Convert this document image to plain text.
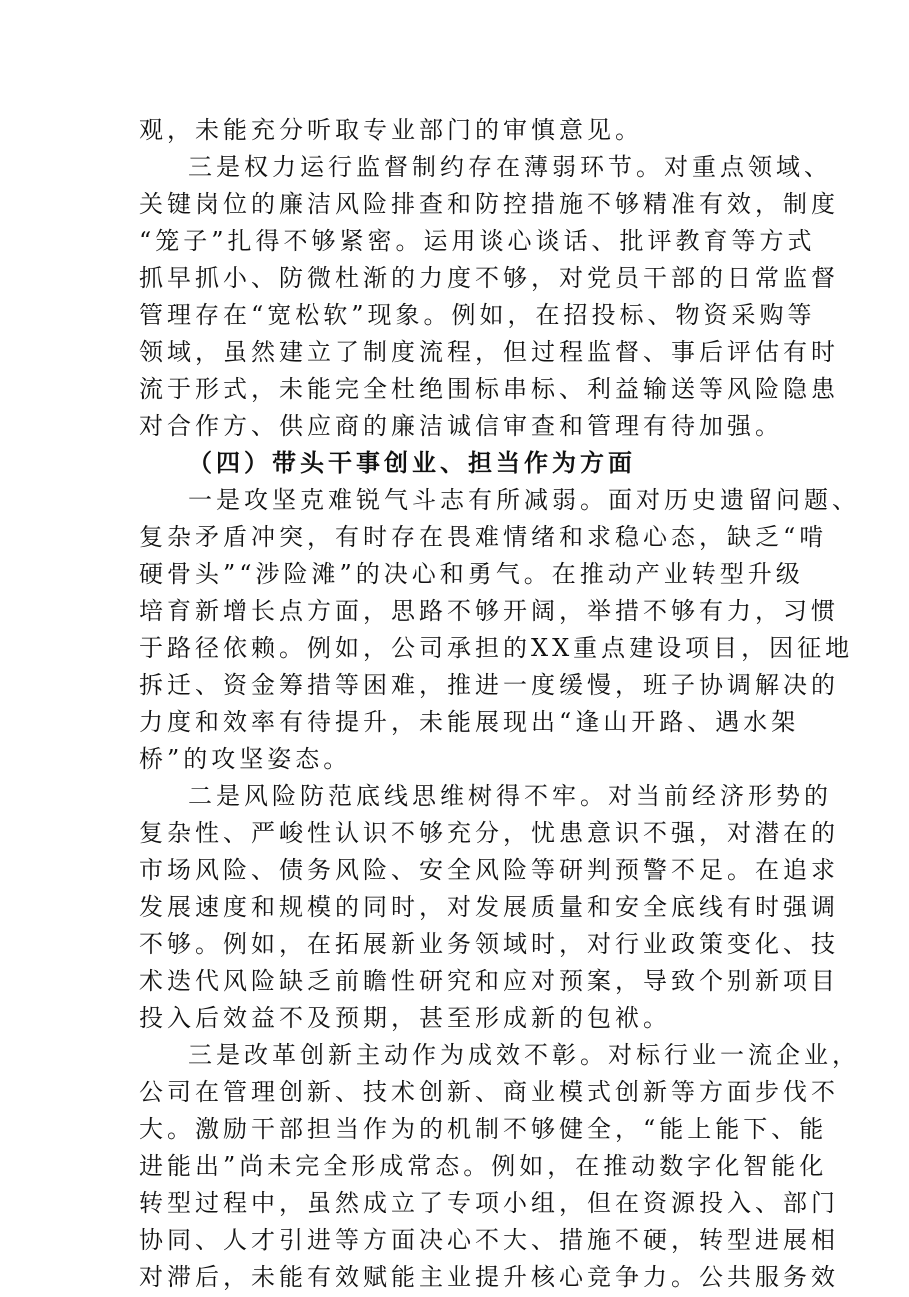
观，未能充分听取专业部门的审慎意见。
三是权力运行监督制约存在薄弱环节。对重点领域、
关键岗位的廉洁风险排查和防控措施不够精准有效，制度
“笼子”扎得不够紧密。运用谈心谈话、批评教育等方式
抓早抓小、防微杜渐的力度不够，对党员干部的日常监督
管理存在“宽松软”现象。例如，在招投标、物资采购等
领域，虽然建立了制度流程，但过程监督、事后评估有时
流于形式，未能完全杜绝围标串标、利益输送等风险隐患
对合作方、供应商的廉洁诚信审查和管理有待加强。
（四）带头干事创业、担当作为方面
一是攻坚克难锐气斗志有所减弱。面对历史遗留问题、
复杂矛盾冲突，有时存在畏难情绪和求稳心态，缺乏“啃
硬骨头”“涉险滩”的决心和勇气。在推动产业转型升级
培育新增长点方面，思路不够开阔，举措不够有力，习惯
于路径依赖。例如，公司承担的XX重点建设项目，因征地
拆迁、资金筹措等困难，推进一度缓慢，班子协调解决的
力度和效率有待提升，未能展现出“逢山开路、遇水架
桥”的攻坚姿态。
二是风险防范底线思维树得不牢。对当前经济形势的
复杂性、严峻性认识不够充分，忧患意识不强，对潜在的
市场风险、债务风险、安全风险等研判预警不足。在追求
发展速度和规模的同时，对发展质量和安全底线有时强调
不够。例如，在拓展新业务领域时，对行业政策变化、技
术迭代风险缺乏前瞻性研究和应对预案，导致个别新项目
投入后效益不及预期，甚至形成新的包袱。
三是改革创新主动作为成效不彰。对标行业一流企业，
公司在管理创新、技术创新、商业模式创新等方面步伐不
大。激励干部担当作为的机制不够健全，“能上能下、能
进能出”尚未完全形成常态。例如，在推动数字化智能化
转型过程中，虽然成立了专项小组，但在资源投入、部门
协同、人才引进等方面决心不大、措施不硬，转型进展相
对滞后，未能有效赋能主业提升核心竞争力。公共服务效
